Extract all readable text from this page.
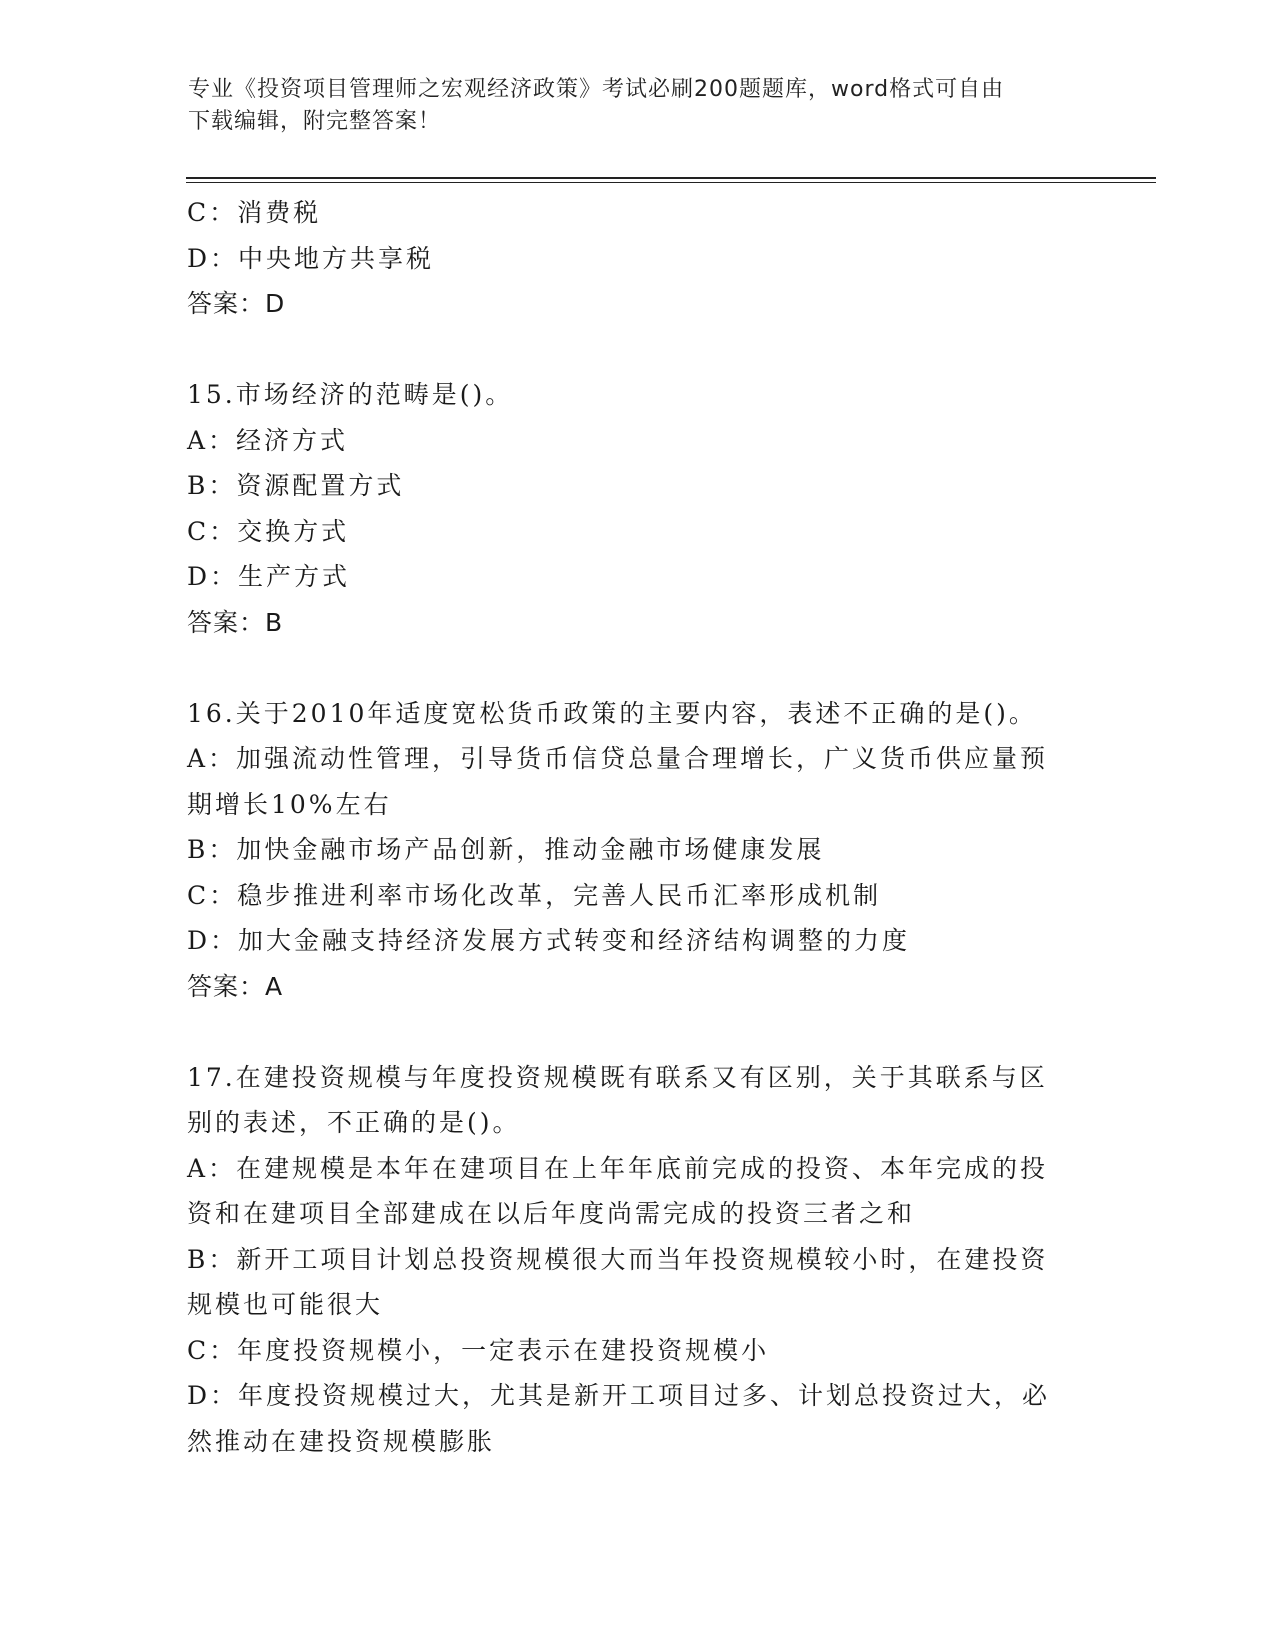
专业《投资项目管理师之宏观经济政策》考试必刷200题题库，word格式可自由
下载编辑，附完整答案！
C：消费税
D：中央地方共享税
答案：D
15.市场经济的范畴是()。
A：经济方式
B：资源配置方式
C：交换方式
D：生产方式
答案：B
16.关于2010年适度宽松货币政策的主要内容，表述不正确的是()。
A：加强流动性管理，引导货币信贷总量合理增长，广义货币供应量预
期增长10%左右
B：加快金融市场产品创新，推动金融市场健康发展
C：稳步推进利率市场化改革，完善人民币汇率形成机制
D：加大金融支持经济发展方式转变和经济结构调整的力度
答案：A
17.在建投资规模与年度投资规模既有联系又有区别，关于其联系与区
别的表述，不正确的是()。
A：在建规模是本年在建项目在上年年底前完成的投资、本年完成的投
资和在建项目全部建成在以后年度尚需完成的投资三者之和
B：新开工项目计划总投资规模很大而当年投资规模较小时，在建投资
规模也可能很大
C：年度投资规模小，一定表示在建投资规模小
D：年度投资规模过大，尤其是新开工项目过多、计划总投资过大，必
然推动在建投资规模膨胀
